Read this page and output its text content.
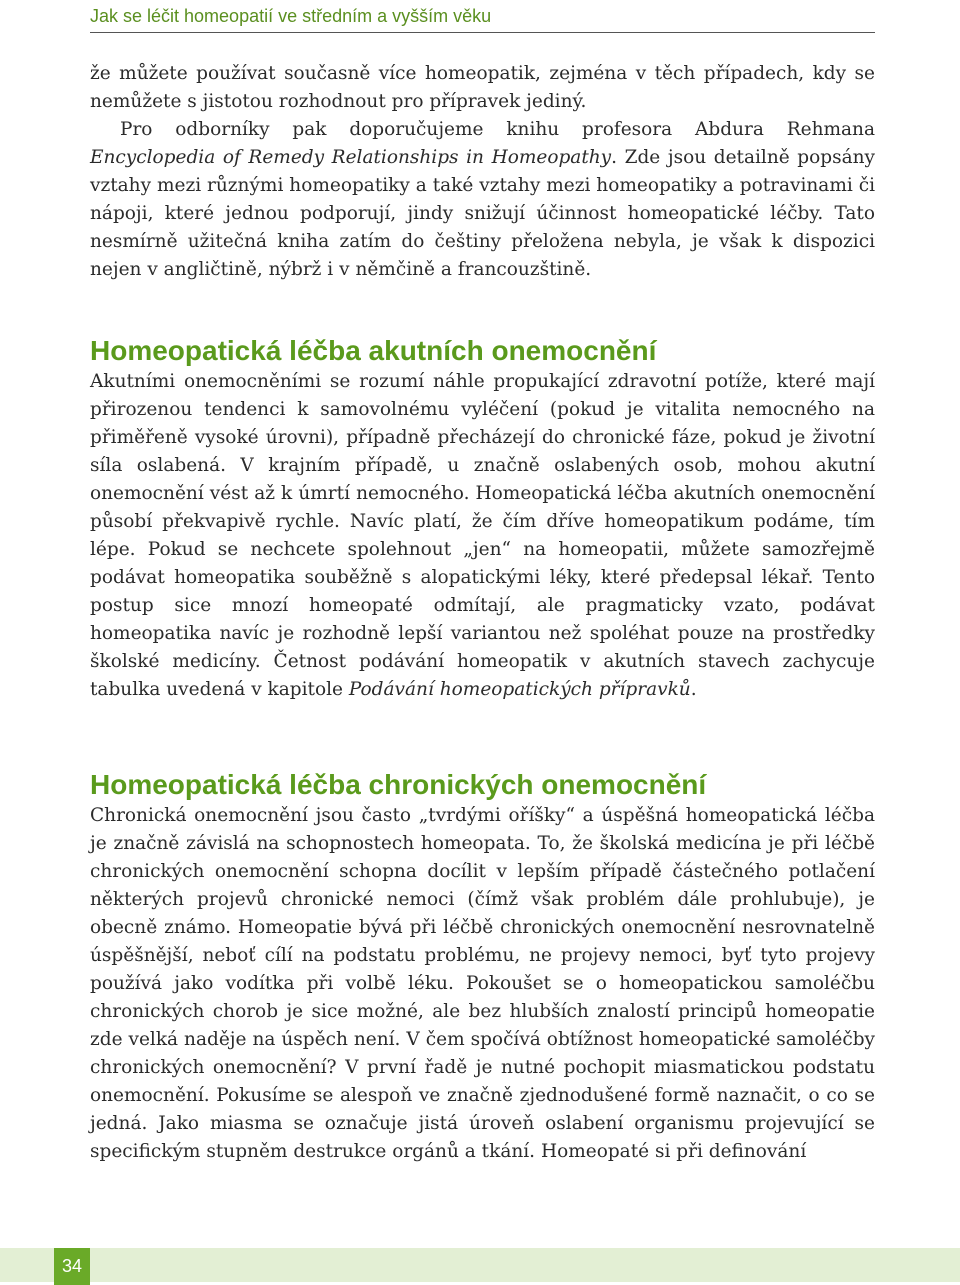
Jak se léčit homeopatií ve středním a vyšším věku

že můžete používat současně více homeopatik, zejména v těch případech, kdy se nemůžete s jistotou rozhodnout pro přípravek jediný.

Pro odborníky pak doporučujeme knihu profesora Abdura Rehmana Encyclopedia of Remedy Relationships in Homeopathy. Zde jsou detailně popsány vztahy mezi různými homeopatiky a také vztahy mezi homeopatiky a potravinami či nápoji, které jednou podporují, jindy snižují účinnost homeopatické léčby. Tato nesmírně užitečná kniha zatím do češtiny přeložena nebyla, je však k dispozici nejen v angličtině, nýbrž i v němčině a francouzštině.

Homeopatická léčba akutních onemocnění

Akutními onemocněními se rozumí náhle propukající zdravotní potíže, které mají přirozenou tendenci k samovolnému vyléčení (pokud je vitalita nemocného na přiměřeně vysoké úrovni), případně přecházejí do chronické fáze, pokud je životní síla oslabená. V krajním případě, u značně oslabených osob, mohou akutní onemocnění vést až k úmrtí nemocného. Homeopatická léčba akutních onemocnění působí překvapivě rychle. Navíc platí, že čím dříve homeopatikum podáme, tím lépe. Pokud se nechcete spolehnout „jen“ na homeopatii, můžete samozřejmě podávat homeopatika souběžně s alopatickými léky, které předepsal lékař. Tento postup sice mnozí homeopaté odmítají, ale pragmaticky vzato, podávat homeopatika navíc je rozhodně lepší variantou než spoléhat pouze na prostředky školské medicíny. Četnost podávání homeopatik v akutních stavech zachycuje tabulka uvedená v kapitole Podávání homeopatických přípravků.

Homeopatická léčba chronických onemocnění

Chronická onemocnění jsou často „tvrdými oříšky“ a úspěšná homeopatická léčba je značně závislá na schopnostech homeopata. To, že školská medicína je při léčbě chronických onemocnění schopna docílit v lepším případě částečného potlačení některých projevů chronické nemoci (čímž však problém dále prohlubuje), je obecně známo. Homeopatie bývá při léčbě chronických onemocnění nesrovnatelně úspěšnější, neboť cílí na podstatu problému, ne projevy nemoci, byť tyto projevy používá jako vodítka při volbě léku. Pokoušet se o homeopatickou samoléčbu chronických chorob je sice možné, ale bez hlubších znalostí principů homeopatie zde velká naděje na úspěch není. V čem spočívá obtížnost homeopatické samoléčby chronických onemocnění? V první řadě je nutné pochopit miasmatickou podstatu onemocnění. Pokusíme se alespoň ve značně zjednodušené formě naznačit, o co se jedná. Jako miasma se označuje jistá úroveň oslabení organismu projevující se specifickým stupněm destrukce orgánů a tkání. Homeopaté si při definování

34
